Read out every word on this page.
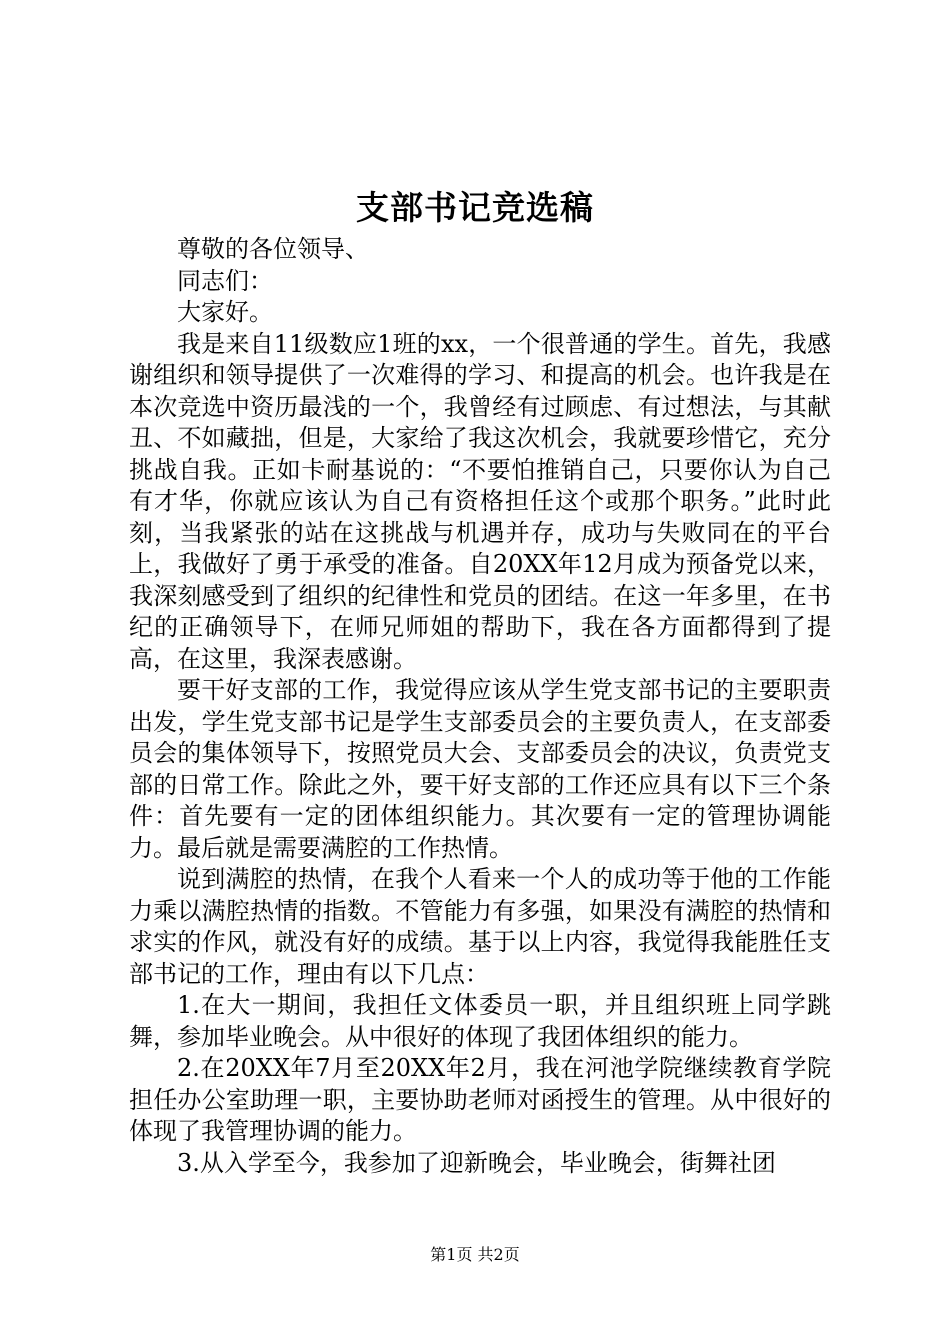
支部书记竞选稿

尊敬的各位领导、

同志们：

大家好。

我是来自11级数应1班的xx，一个很普通的学生。首先，我感谢组织和领导提供了一次难得的学习、和提高的机会。也许我是在本次竞选中资历最浅的一个，我曾经有过顾虑、有过想法，与其献丑、不如藏拙，但是，大家给了我这次机会，我就要珍惜它，充分挑战自我。正如卡耐基说的：“不要怕推销自己，只要你认为自己有才华，你就应该认为自己有资格担任这个或那个职务。”此时此刻，当我紧张的站在这挑战与机遇并存，成功与失败同在的平台上，我做好了勇于承受的准备。自20XX年12月成为预备党以来，我深刻感受到了组织的纪律性和党员的团结。在这一年多里，在书纪的正确领导下，在师兄师姐的帮助下，我在各方面都得到了提高，在这里，我深表感谢。

要干好支部的工作，我觉得应该从学生党支部书记的主要职责出发，学生党支部书记是学生支部委员会的主要负责人，在支部委员会的集体领导下，按照党员大会、支部委员会的决议，负责党支部的日常工作。除此之外，要干好支部的工作还应具有以下三个条件：首先要有一定的团体组织能力。其次要有一定的管理协调能力。最后就是需要满腔的工作热情。

说到满腔的热情，在我个人看来一个人的成功等于他的工作能力乘以满腔热情的指数。不管能力有多强，如果没有满腔的热情和求实的作风，就没有好的成绩。基于以上内容，我觉得我能胜任支部书记的工作，理由有以下几点：

1.在大一期间，我担任文体委员一职，并且组织班上同学跳舞，参加毕业晚会。从中很好的体现了我团体组织的能力。

2.在20XX年7月至20XX年2月，我在河池学院继续教育学院担任办公室助理一职，主要协助老师对函授生的管理。从中很好的体现了我管理协调的能力。

3.从入学至今，我参加了迎新晚会，毕业晚会，街舞社团

第1页 共2页
